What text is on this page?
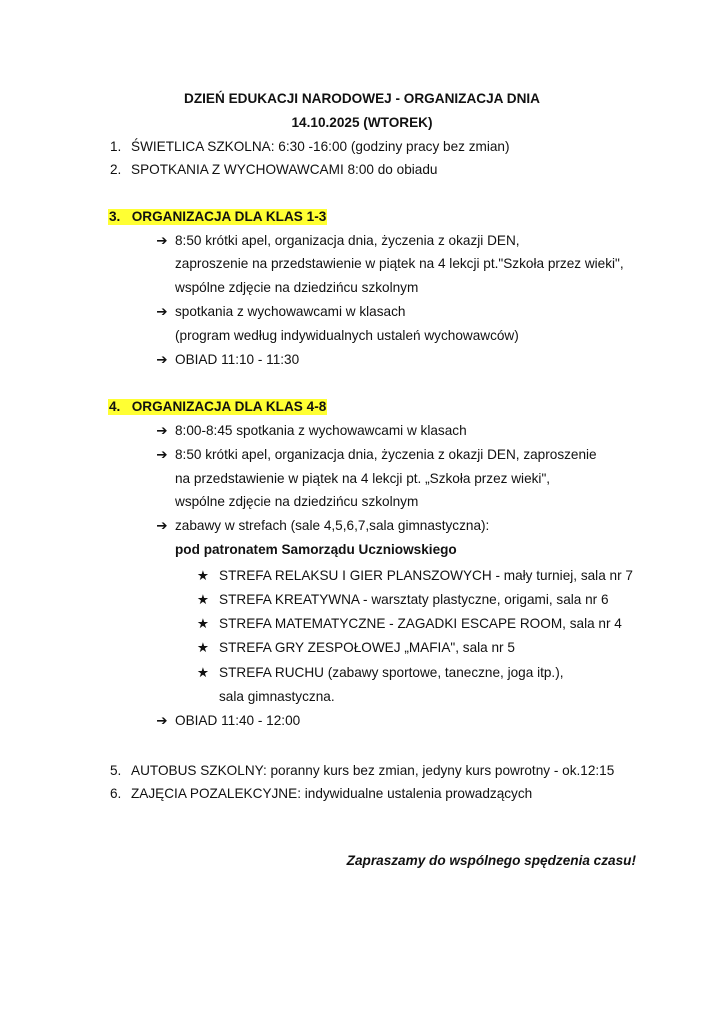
DZIEŃ EDUKACJI NARODOWEJ - ORGANIZACJA DNIA
14.10.2025 (WTOREK)
1. ŚWIETLICA SZKOLNA: 6:30 -16:00 (godziny pracy bez zmian)
2. SPOTKANIA Z WYCHOWAWCAMI 8:00 do obiadu
3. ORGANIZACJA DLA KLAS 1-3
➔ 8:50 krótki apel, organizacja dnia, życzenia z okazji DEN,
zaproszenie na przedstawienie w piątek na 4 lekcji pt."Szkoła przez wieki",
wspólne zdjęcie na dziedzińcu szkolnym
➔ spotkania z wychowawcami w klasach
(program według indywidualnych ustaleń wychowawców)
➔ OBIAD 11:10 - 11:30
4. ORGANIZACJA DLA KLAS 4-8
➔ 8:00-8:45 spotkania z wychowawcami w klasach
➔ 8:50 krótki apel, organizacja dnia, życzenia z okazji DEN, zaproszenie
na przedstawienie w piątek na 4 lekcji pt. „Szkoła przez wieki",
wspólne zdjęcie na dziedzińcu szkolnym
➔ zabawy w strefach (sale 4,5,6,7,sala gimnastyczna):
pod patronatem Samorządu Uczniowskiego
★ STREFA RELAKSU I GIER PLANSZOWYCH - mały turniej, sala nr 7
★ STREFA KREATYWNA - warsztaty plastyczne, origami, sala nr 6
★ STREFA MATEMATYCZNE - ZAGADKI ESCAPE ROOM, sala nr 4
★ STREFA GRY ZESPOŁOWEJ „MAFIA", sala nr 5
★ STREFA RUCHU (zabawy sportowe, taneczne, joga itp.),
sala gimnastyczna.
➔ OBIAD 11:40 - 12:00
5. AUTOBUS SZKOLNY: poranny kurs bez zmian, jedyny kurs powrotny - ok.12:15
6. ZAJĘCIA POZALEKCYJNE: indywidualne ustalenia prowadzących
Zapraszamy do wspólnego spędzenia czasu!
